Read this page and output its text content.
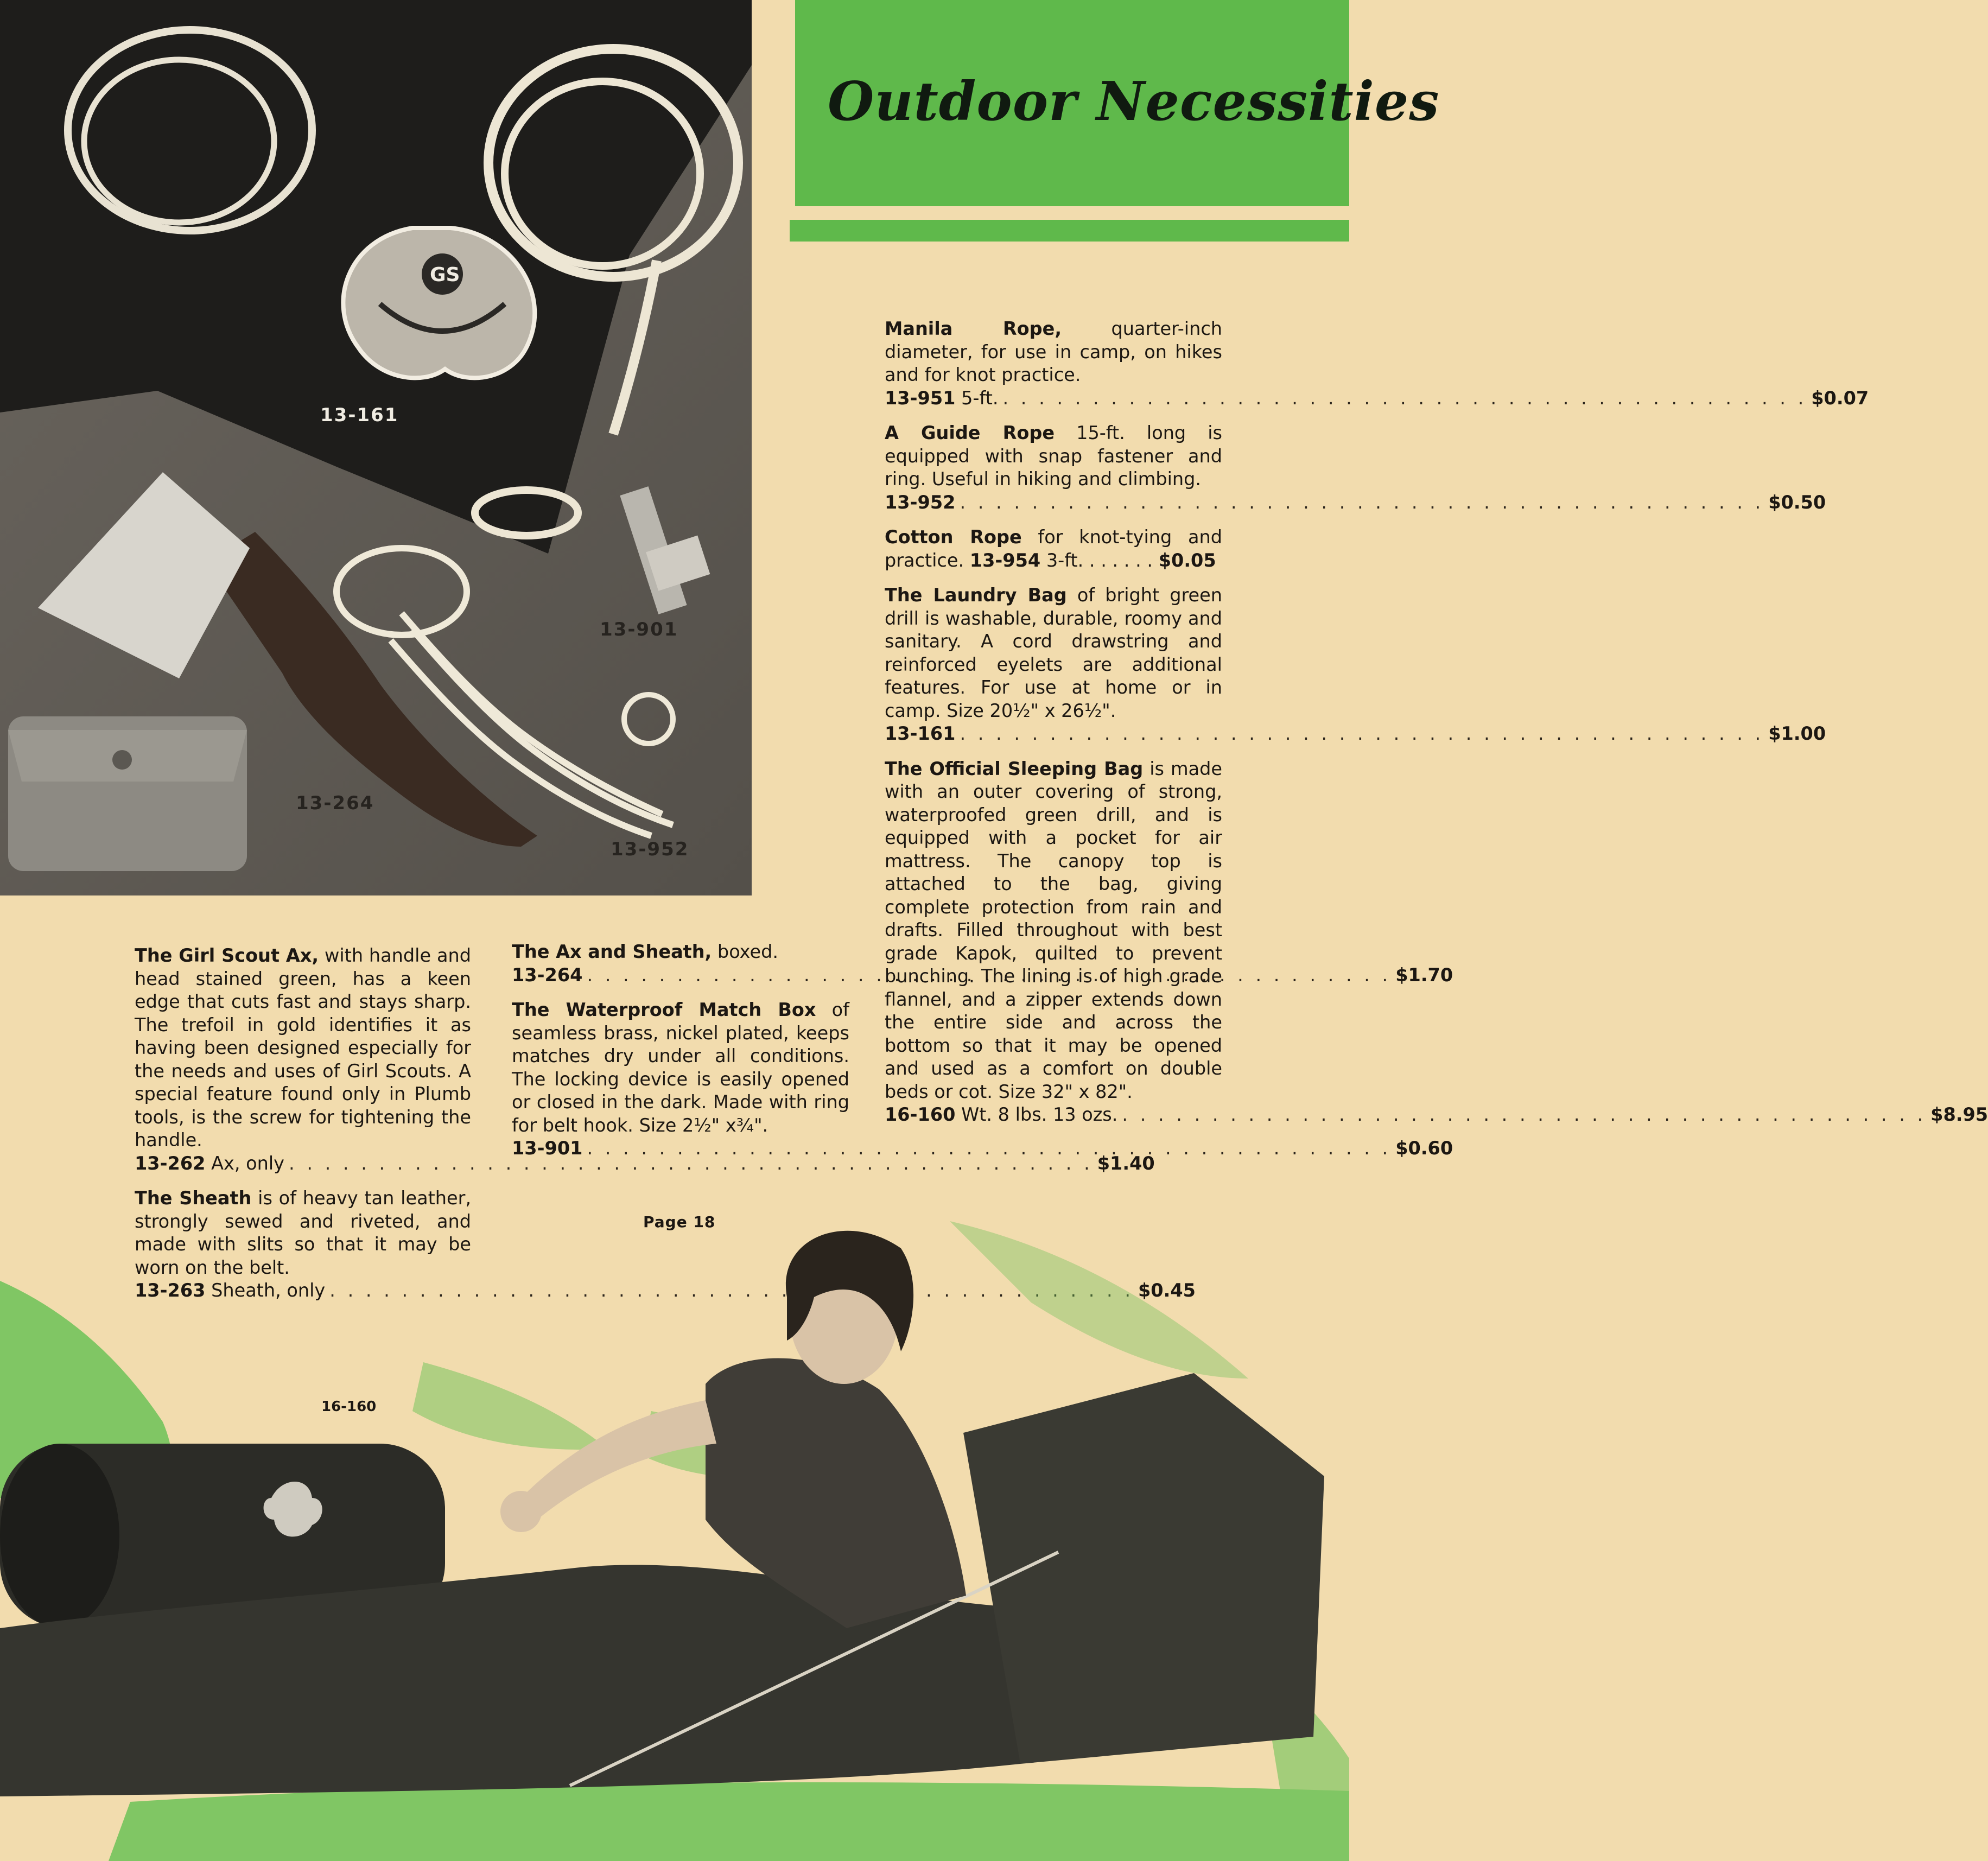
GS
13-161
13-901
13-264
13-952
Outdoor Necessities

The Girl Scout Ax, with handle and head stained green, has a keen edge that cuts fast and stays sharp. The trefoil in gold identifies it as having been designed especially for the needs and uses of Girl Scouts. A special feature found only in Plumb tools, is the screw for tightening the handle.
13-262 Ax, only . . .	$1.40

The Sheath is of heavy tan leather, strongly sewed and riveted, and made with slits so that it may be worn on the belt.
13-263 Sheath, only . . .	$0.45

The Ax and Sheath, boxed.
13-264 . . .	$1.70

The Waterproof Match Box of seamless brass, nickel plated, keeps matches dry under all conditions. The locking device is easily opened or closed in the dark. Made with ring for belt hook. Size 2½" x¾".
13-901 . . .	$0.60

Manila Rope, quarter-inch diameter, for use in camp, on hikes and for knot practice.
13-951 5-ft. . . .	$0.07

A Guide Rope 15-ft. long is equipped with snap fastener and ring. Useful in hiking and climbing.
13-952 . . .	$0.50

Cotton Rope for knot-tying and practice. 13-954 3-ft. . . . . . . $0.05

The Laundry Bag of bright green drill is washable, durable, roomy and sanitary. A cord drawstring and reinforced eyelets are additional features. For use at home or in camp. Size 20½" x 26½".
13-161 . . .	$1.00

The Official Sleeping Bag is made with an outer covering of strong, waterproofed green drill, and is equipped with a pocket for air mattress. The canopy top is attached to the bag, giving complete protection from rain and drafts. Filled throughout with best grade Kapok, quilted to prevent bunching. The lining is of high grade flannel, and a zipper extends down the entire side and across the bottom so that it may be opened and used as a comfort on double beds or cot. Size 32" x 82".
16-160 Wt. 8 lbs. 13 ozs. . . .	$8.95

Page 18
16-160
